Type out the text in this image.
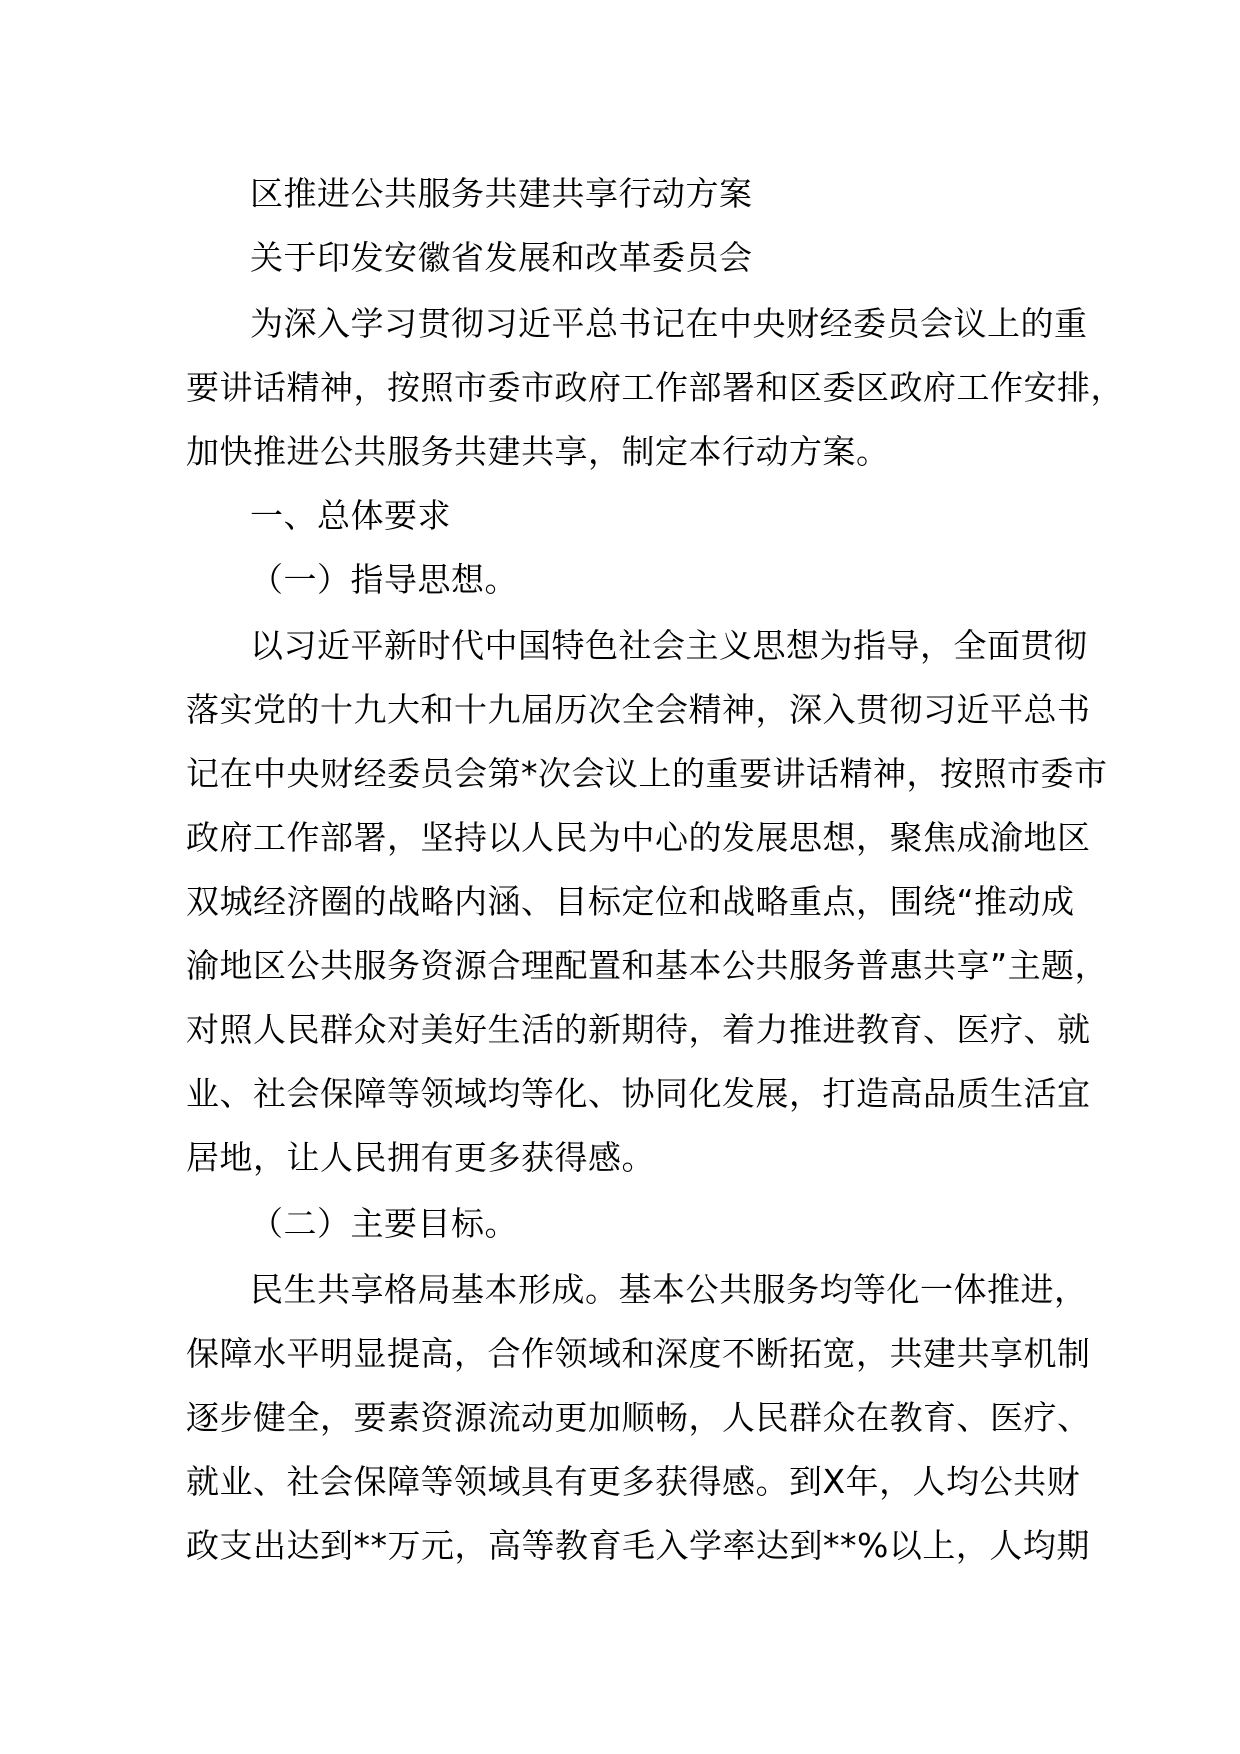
区推进公共服务共建共享行动方案
关于印发安徽省发展和改革委员会
为深入学习贯彻习近平总书记在中央财经委员会议上的重
要讲话精神，按照市委市政府工作部署和区委区政府工作安排，
加快推进公共服务共建共享，制定本行动方案。
一、总体要求
（一）指导思想。
以习近平新时代中国特色社会主义思想为指导，全面贯彻
落实党的十九大和十九届历次全会精神，深入贯彻习近平总书
记在中央财经委员会第*次会议上的重要讲话精神，按照市委市
政府工作部署，坚持以人民为中心的发展思想，聚焦成渝地区
双城经济圈的战略内涵、目标定位和战略重点，围绕“推动成
渝地区公共服务资源合理配置和基本公共服务普惠共享”主题，
对照人民群众对美好生活的新期待，着力推进教育、医疗、就
业、社会保障等领域均等化、协同化发展，打造高品质生活宜
居地，让人民拥有更多获得感。
（二）主要目标。
民生共享格局基本形成。基本公共服务均等化一体推进，
保障水平明显提高，合作领域和深度不断拓宽，共建共享机制
逐步健全，要素资源流动更加顺畅，人民群众在教育、医疗、
就业、社会保障等领域具有更多获得感。到X年，人均公共财
政支出达到**万元，高等教育毛入学率达到**%以上，人均期
